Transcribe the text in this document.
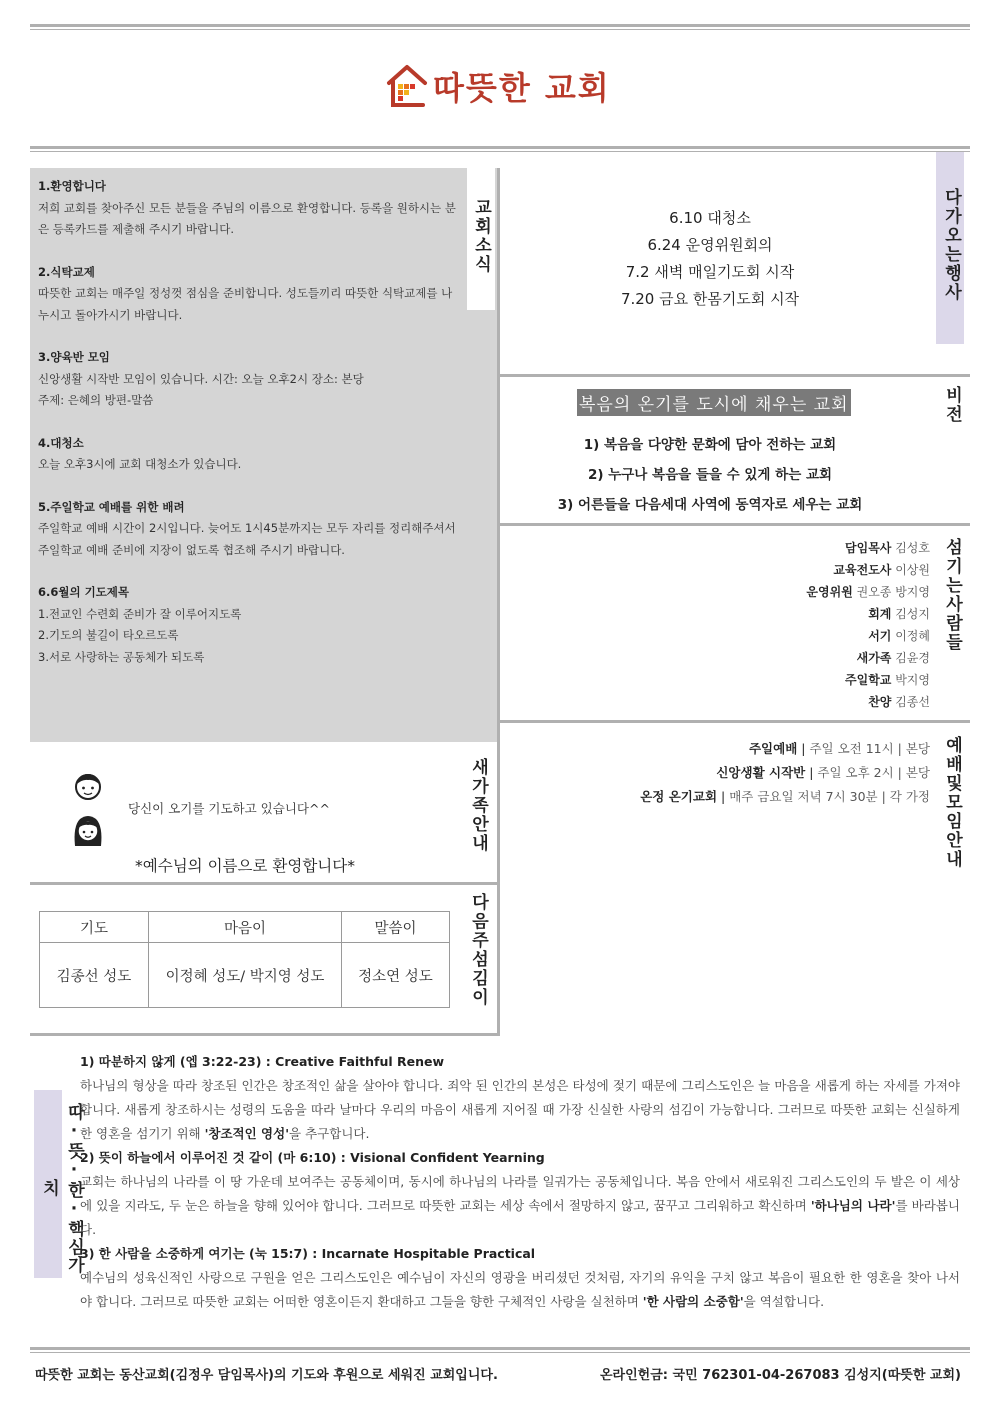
따뜻한 교회
1.환영합니다
저희 교회를 찾아주신 모든 분들을 주님의 이름으로 환영합니다. 등록을 원하시는 분은 등록카드를 제출해 주시기 바랍니다.
2.식탁교제
따뜻한 교회는 매주일 정성껏 점심을 준비합니다. 성도들끼리 따뜻한 식탁교제를 나누시고 돌아가시기 바랍니다.
3.양육반 모임
신앙생활 시작반 모임이 있습니다. 시간: 오늘 오후2시 장소: 본당
주제: 은혜의 방편-말씀
4.대청소
오늘 오후3시에 교회 대청소가 있습니다.
5.주일학교 예배를 위한 배려
주일학교 예배 시간이 2시입니다. 늦어도 1시45분까지는 모두 자리를 정리해주셔서 주일학교 예배 준비에 지장이 없도록 협조해 주시기 바랍니다.
6.6월의 기도제목
1.전교인 수련회 준비가 잘 이루어지도록
2.기도의 불길이 타오르도록
3.서로 사랑하는 공동체가 되도록
교회소식	6.10 대청소
6.24 운영위원회의
7.2 새벽 매일기도회 시작
7.20 금요 한몸기도회 시작	다가오는행사
복음의 온기를 도시에 채우는 교회
1) 복음을 다양한 문화에 담아 전하는 교회
2) 누구나 복음을 들을 수 있게 하는 교회
3) 어른들을 다음세대 사역에 동역자로 세우는 교회
비전
담임목사 김성호
교육전도사 이상원
운영위원 권오종 방지영
회계 김성지
서기 이정혜
새가족 김윤경
주일학교 박지영
찬양 김종선
섬기는사람들
주일예배 | 주일 오전 11시 | 본당
신앙생활 시작반 | 주일 오후 2시 | 본당
온정 온기교회 | 매주 금요일 저녁 7시 30분 | 각 가정 예배및모임안내
당신이 오기를 기도하고 있습니다^^
*예수님의 이름으로 환영합니다*
새가족안내
기도	마음이	말씀이
김종선 성도	이정혜 성도/ 박지영 성도	정소연 성도 다음주섬김이
따·뜻·한·핵심가치
1) 따분하지 않게 (엡 3:22-23) : Creative Faithful Renew
하나님의 형상을 따라 창조된 인간은 창조적인 삶을 살아야 합니다. 죄악 된 인간의 본성은 타성에 젖기 때문에 그리스도인은 늘 마음을 새롭게 하는 자세를 가져야합니다. 새롭게 창조하시는 성령의 도움을 따라 날마다 우리의 마음이 새롭게 지어질 때 가장 신실한 사랑의 섬김이 가능합니다. 그러므로 따뜻한 교회는 신실하게 한 영혼을 섬기기 위해 '창조적인 영성'을 추구합니다.
2) 뜻이 하늘에서 이루어진 것 같이 (마 6:10) : Visional Confident Yearning
교회는 하나님의 나라를 이 땅 가운데 보여주는 공동체이며, 동시에 하나님의 나라를 일궈가는 공동체입니다. 복음 안에서 새로워진 그리스도인의 두 발은 이 세상에 있을 지라도, 두 눈은 하늘을 향해 있어야 합니다. 그러므로 따뜻한 교회는 세상 속에서 절망하지 않고, 꿈꾸고 그리워하고 확신하며 '하나님의 나라'를 바라봅니다.
3) 한 사람을 소중하게 여기는 (눅 15:7) : Incarnate Hospitable Practical
예수님의 성육신적인 사랑으로 구원을 얻은 그리스도인은 예수님이 자신의 영광을 버리셨던 것처럼, 자기의 유익을 구치 않고 복음이 필요한 한 영혼을 찾아 나서야 합니다. 그러므로 따뜻한 교회는 어떠한 영혼이든지 환대하고 그들을 향한 구체적인 사랑을 실천하며 '한 사람의 소중함'을 역설합니다.
따뜻한 교회는 동산교회(김정우 담임목사)의 기도와 후원으로 세워진 교회입니다.	온라인헌금: 국민 762301-04-267083 김성지(따뜻한 교회)
